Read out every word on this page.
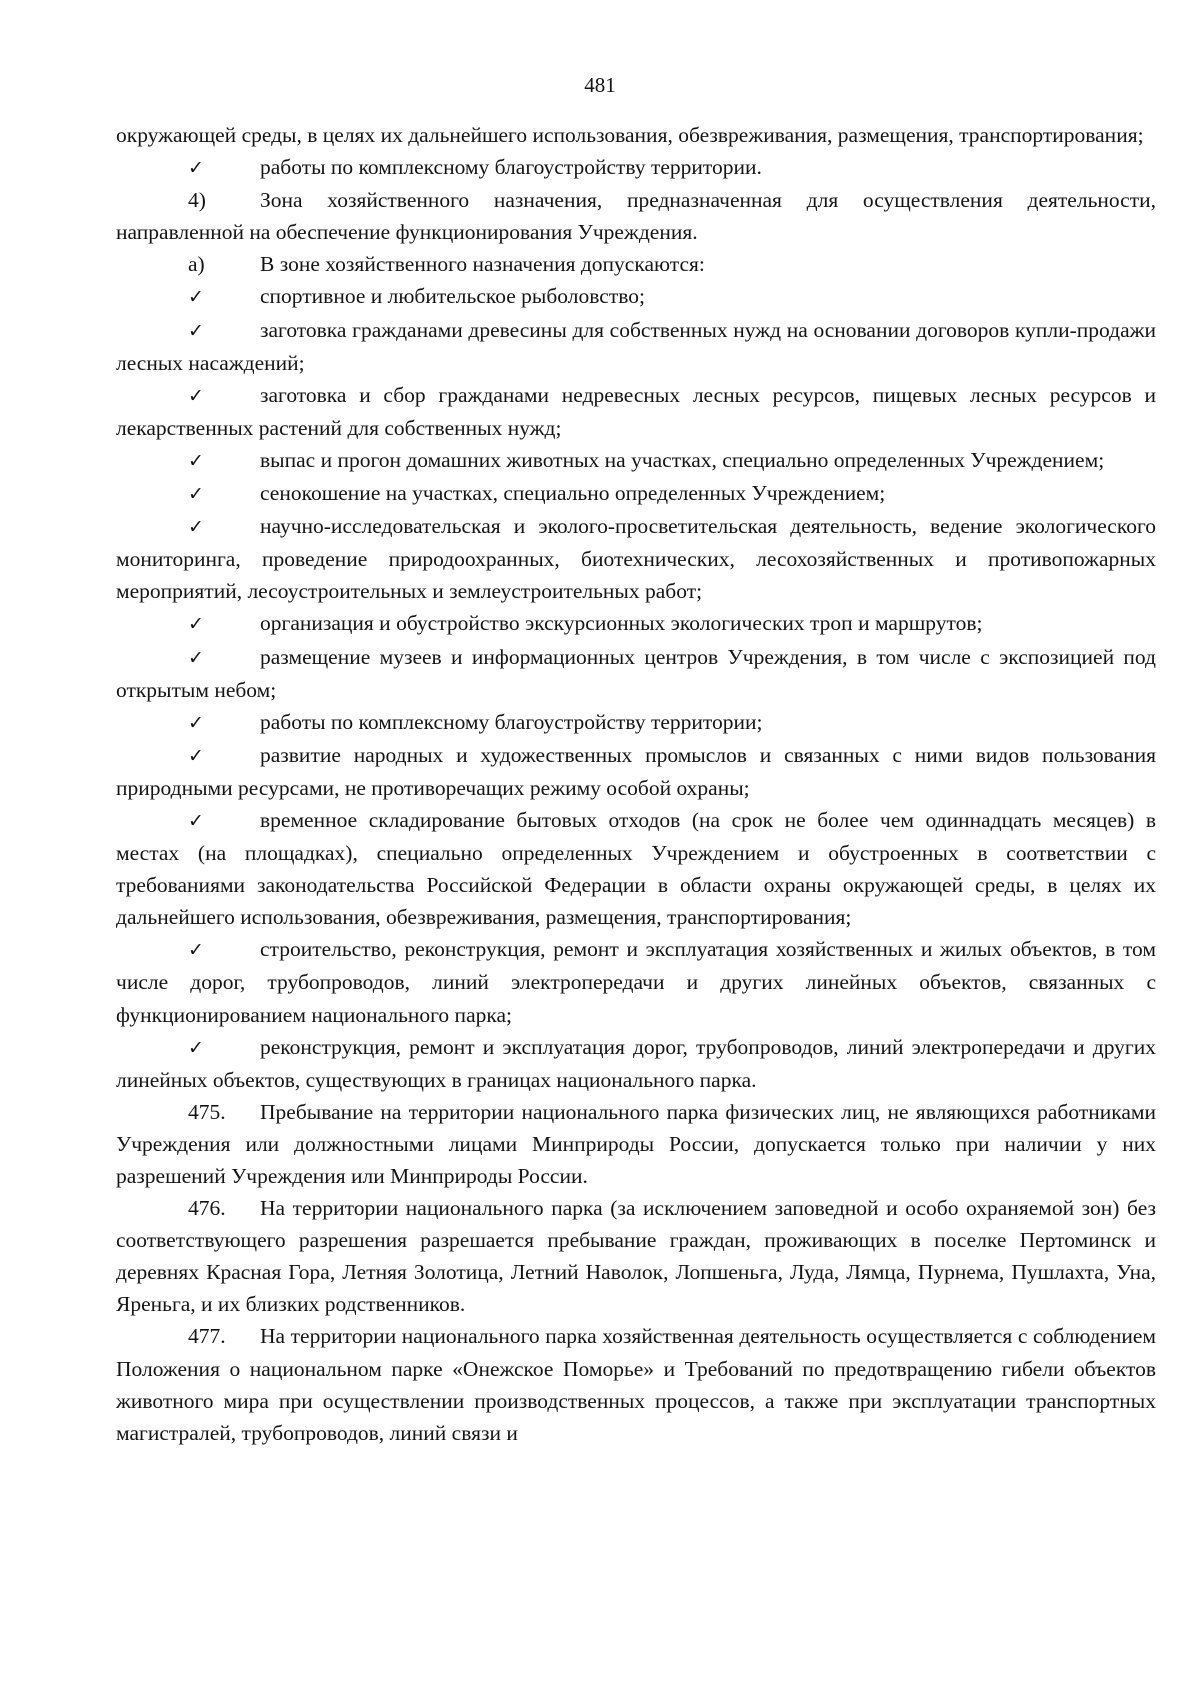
481

окружающей среды, в целях их дальнейшего использования, обезвреживания, размещения, транспортирования;

✓	работы по комплексному благоустройству территории.

4)	Зона хозяйственного назначения, предназначенная для осуществления деятельности, направленной на обеспечение функционирования Учреждения.

а)	В зоне хозяйственного назначения допускаются:

✓	спортивное и любительское рыболовство;

✓	заготовка гражданами древесины для собственных нужд на основании договоров купли-продажи лесных насаждений;

✓	заготовка и сбор гражданами недревесных лесных ресурсов, пищевых лесных ресурсов и лекарственных растений для собственных нужд;

✓	выпас и прогон домашних животных на участках, специально определенных Учреждением;

✓	сенокошение на участках, специально определенных Учреждением;

✓	научно-исследовательская и эколого-просветительская деятельность, ведение экологического мониторинга, проведение природоохранных, биотехнических, лесохозяйственных и противопожарных мероприятий, лесоустроительных и землеустроительных работ;

✓	организация и обустройство экскурсионных экологических троп и маршрутов;

✓	размещение музеев и информационных центров Учреждения, в том числе с экспозицией под открытым небом;

✓	работы по комплексному благоустройству территории;

✓	развитие народных и художественных промыслов и связанных с ними видов пользования природными ресурсами, не противоречащих режиму особой охраны;

✓	временное складирование бытовых отходов (на срок не более чем одиннадцать месяцев) в местах (на площадках), специально определенных Учреждением и обустроенных в соответствии с требованиями законодательства Российской Федерации в области охраны окружающей среды, в целях их дальнейшего использования, обезвреживания, размещения, транспортирования;

✓	строительство, реконструкция, ремонт и эксплуатация хозяйственных и жилых объектов, в том числе дорог, трубопроводов, линий электропередачи и других линейных объектов, связанных с функционированием национального парка;

✓	реконструкция, ремонт и эксплуатация дорог, трубопроводов, линий электропередачи и других линейных объектов, существующих в границах национального парка.

475. Пребывание на территории национального парка физических лиц, не являющихся работниками Учреждения или должностными лицами Минприроды России, допускается только при наличии у них разрешений Учреждения или Минприроды России.

476. На территории национального парка (за исключением заповедной и особо охраняемой зон) без соответствующего разрешения разрешается пребывание граждан, проживающих в поселке Пертоминск и деревнях Красная Гора, Летняя Золотица, Летний Наволок, Лопшеньга, Луда, Лямца, Пурнема, Пушлахта, Уна, Яреньга, и их близких родственников.

477. На территории национального парка хозяйственная деятельность осуществляется с соблюдением Положения о национальном парке «Онежское Поморье» и Требований по предотвращению гибели объектов животного мира при осуществлении производственных процессов, а также при эксплуатации транспортных магистралей, трубопроводов, линий связи и
